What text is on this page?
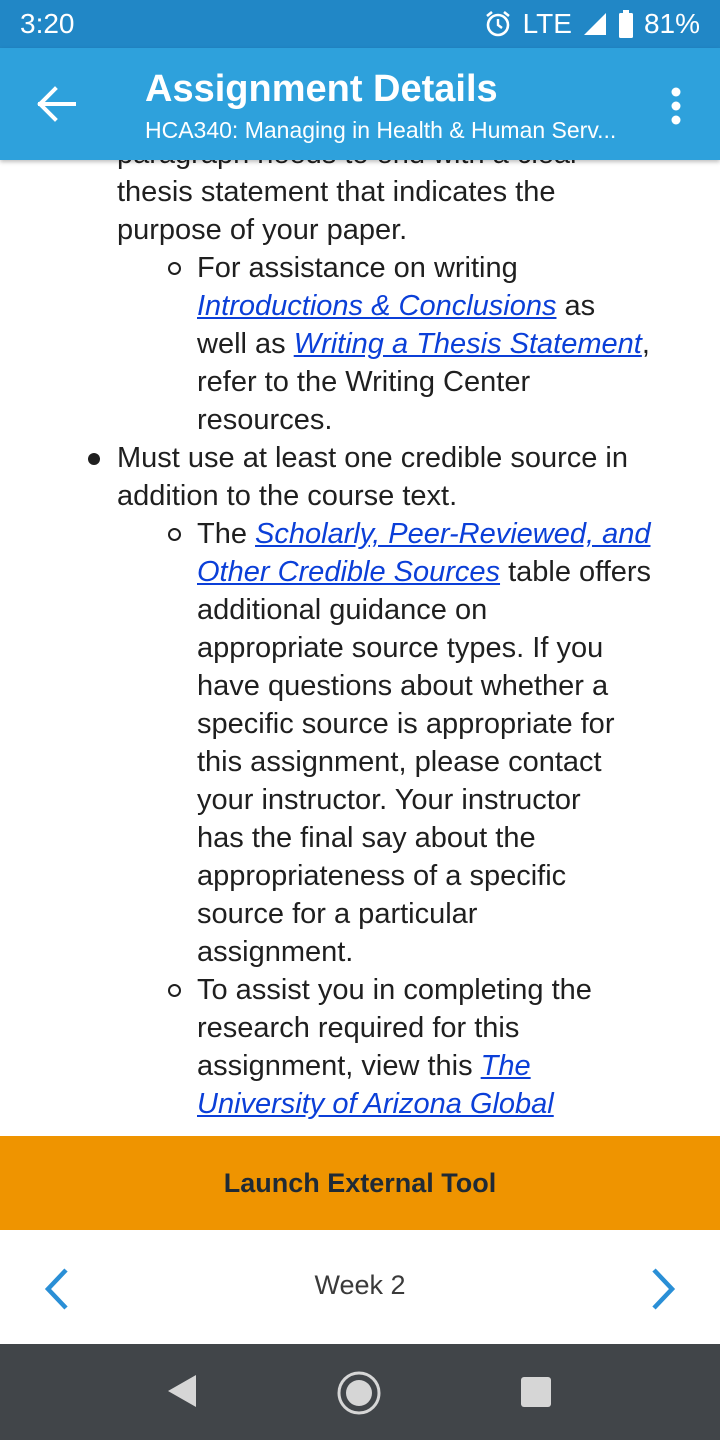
3:20	LTE	81%
Assignment Details
HCA340: Managing in Health & Human Serv...
thesis statement that indicates the
purpose of your paper.
For assistance on writing
Introductions & Conclusions as
well as Writing a Thesis Statement,
refer to the Writing Center
resources.
Must use at least one credible source in
addition to the course text.
The Scholarly, Peer-Reviewed, and
Other Credible Sources table offers
additional guidance on
appropriate source types. If you
have questions about whether a
specific source is appropriate for
this assignment, please contact
your instructor. Your instructor
has the final say about the
appropriateness of a specific
source for a particular
assignment.
To assist you in completing the
research required for this
assignment, view this The
University of Arizona Global
Launch External Tool
Week 2
